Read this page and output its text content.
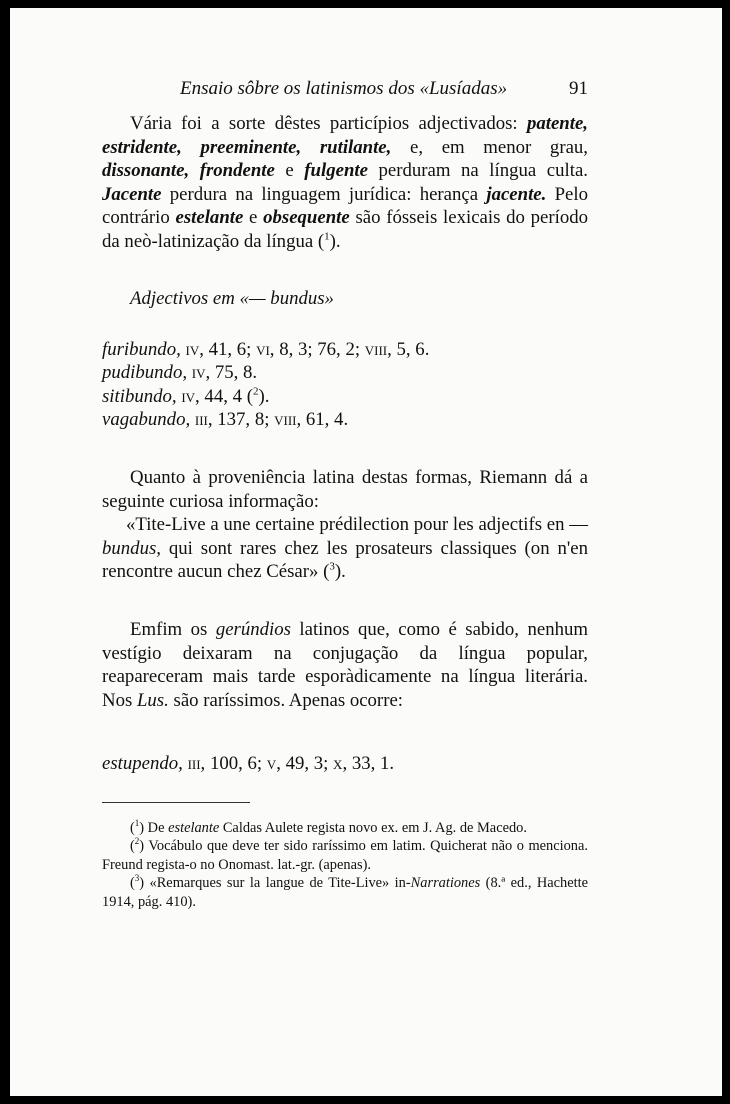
Ensaio sôbre os latinismos dos «Lusíadas»	91

Vária foi a sorte dêstes particípios adjectivados: patente, estridente, preeminente, rutilante, e, em menor grau, dissonante, frondente e fulgente perduram na língua culta. Jacente perdura na linguagem jurídica: herança jacente. Pelo contrário estelante e obsequente são fósseis lexicais do período da neò-latinização da língua ($^1$).

Adjectivos em «— bundus»
furibundo, iv, 41, 6; vi, 8, 3; 76, 2; viii, 5, 6.
pudibundo, iv, 75, 8.
sitibundo, iv, 44, 4 ($^2$).
vagabundo, iii, 137, 8; viii, 61, 4.

Quanto à proveniência latina destas formas, Riemann dá a seguinte curiosa informação:

«Tite-Live a une certaine prédilection pour les adjectifs en — bundus, qui sont rares chez les prosateurs classiques (on n'en rencontre aucun chez César» ($^3$).

Emfim os gerúndios latinos que, como é sabido, nenhum vestígio deixaram na conjugação da língua popular, reapareceram mais tarde esporàdicamente na língua literária. Nos Lus. são raríssimos. Apenas ocorre:

estupendo, iii, 100, 6; v, 49, 3; x, 33, 1.

($^1$) De estelante Caldas Aulete regista novo ex. em J. Ag. de Macedo.

($^2$) Vocábulo que deve ter sido raríssimo em latim. Quicherat não o menciona. Freund regista-o no Onomast. lat.-gr. (apenas).

($^3$) «Remarques sur la langue de Tite-Live» in-Narrationes (8.ª ed., Hachette 1914, pág. 410).
